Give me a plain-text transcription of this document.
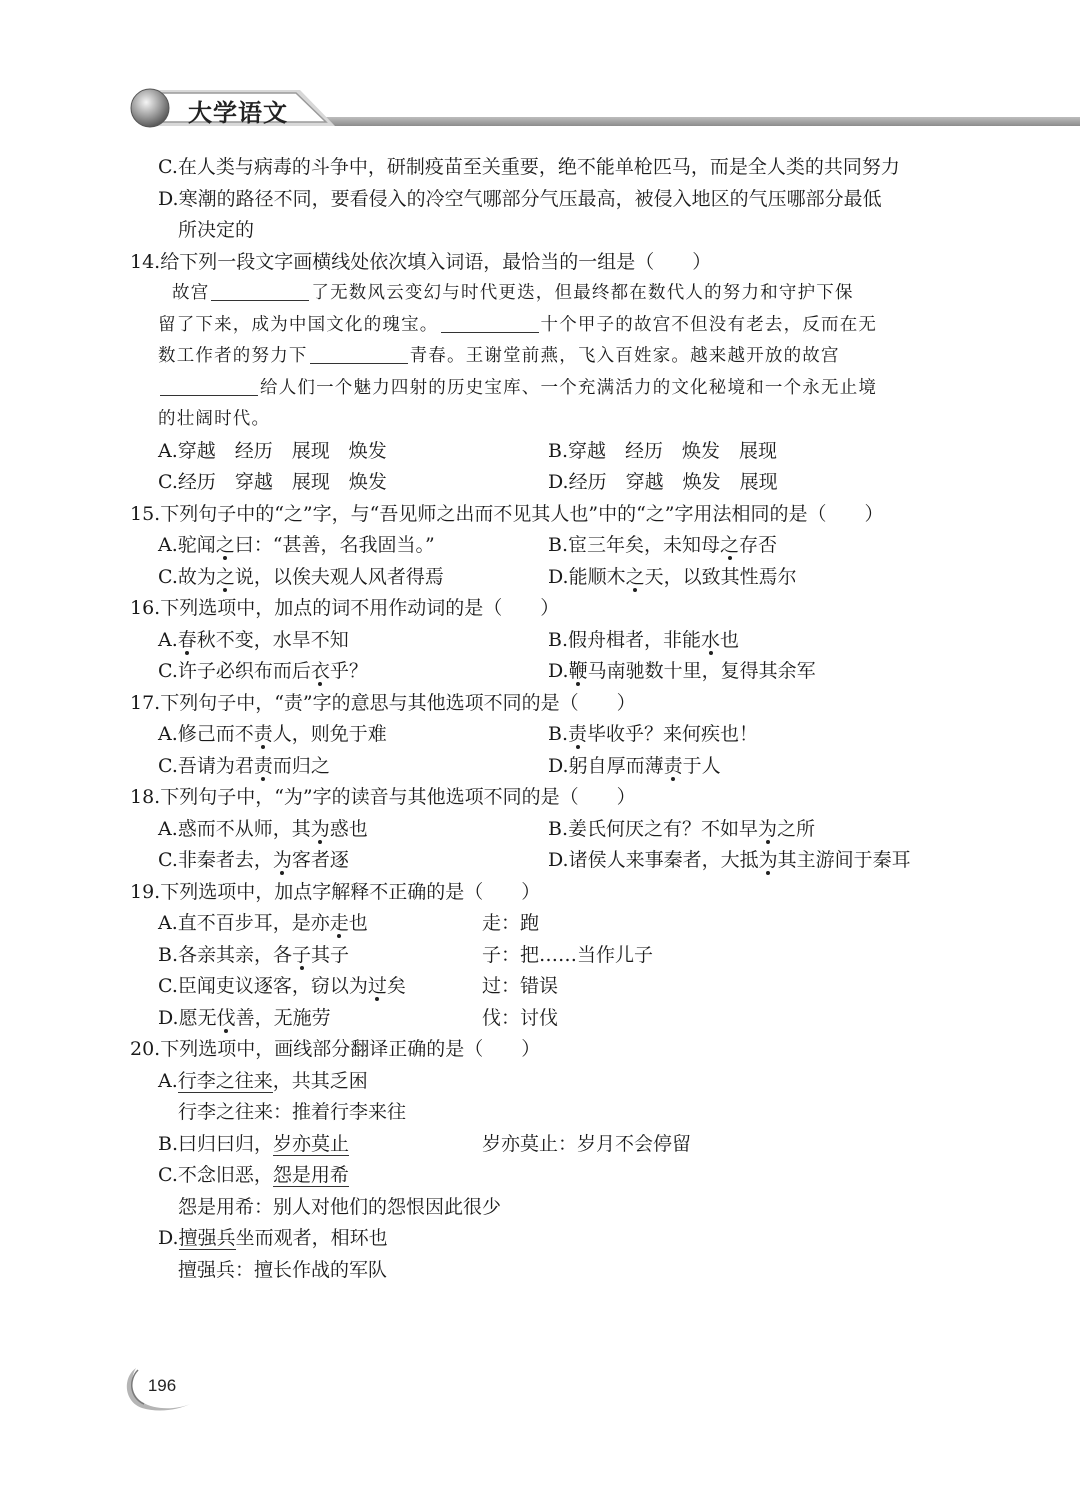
大学语文
C.在人类与病毒的斗争中，研制疫苗至关重要，绝不能单枪匹马，而是全人类的共同努力
D.寒潮的路径不同，要看侵入的冷空气哪部分气压最高，被侵入地区的气压哪部分最低
所决定的
14.给下列一段文字画横线处依次填入词语，最恰当的一组是（　　）
故宫	了无数风云变幻与时代更迭，但最终都在数代人的努力和守护下保
留了下来，成为中国文化的瑰宝。	十个甲子的故宫不但没有老去，反而在无
数工作者的努力下	青春。王谢堂前燕，飞入百姓家。越来越开放的故宫
给人们一个魅力四射的历史宝库、一个充满活力的文化秘境和一个永无止境
的壮阔时代。
A.穿越　经历　展现　焕发	B.穿越　经历　焕发　展现
C.经历　穿越　展现　焕发	D.经历　穿越　焕发　展现
15.下列句子中的“之”字，与“吾见师之出而不见其人也”中的“之”字用法相同的是（　　）
A.驼闻之曰：“甚善，名我固当。”	B.宦三年矣，未知母之存否
C.故为之说，以俟夫观人风者得焉	D.能顺木之天，以致其性焉尔
16.下列选项中，加点的词不用作动词的是（　　）
A.春秋不变，水旱不知	B.假舟楫者，非能水也
C.许子必织布而后衣乎？	D.鞭马南驰数十里，复得其余军
17.下列句子中，“责”字的意思与其他选项不同的是（　　）
A.修己而不责人，则免于难	B.责毕收乎？来何疾也！
C.吾请为君责而归之	D.躬自厚而薄责于人
18.下列句子中，“为”字的读音与其他选项不同的是（　　）
A.惑而不从师，其为惑也	B.姜氏何厌之有？不如早为之所
C.非秦者去，为客者逐	D.诸侯人来事秦者，大抵为其主游间于秦耳
19.下列选项中，加点字解释不正确的是（　　）
A.直不百步耳，是亦走也	走：跑
B.各亲其亲，各子其子	子：把……当作儿子
C.臣闻吏议逐客，窃以为过矣	过：错误
D.愿无伐善，无施劳	伐：讨伐
20.下列选项中，画线部分翻译正确的是（　　）
A.行李之往来，共其乏困
行李之往来：推着行李来往
B.曰归曰归，岁亦莫止	岁亦莫止：岁月不会停留
C.不念旧恶，怨是用希
怨是用希：别人对他们的怨恨因此很少
D.擅强兵坐而观者，相环也
擅强兵：擅长作战的军队
196
